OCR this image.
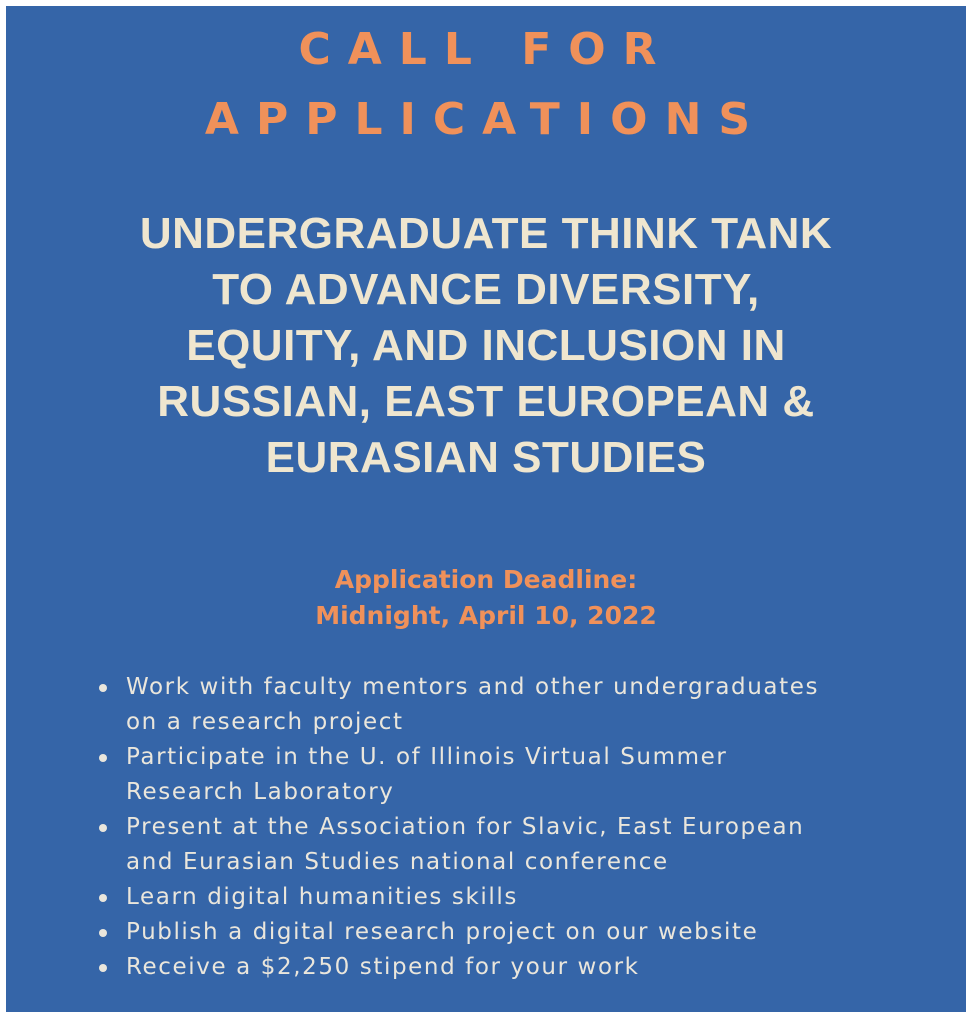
CALL FOR
APPLICATIONS
UNDERGRADUATE THINK TANK
TO ADVANCE DIVERSITY,
EQUITY, AND INCLUSION IN
RUSSIAN, EAST EUROPEAN &
EURASIAN STUDIES
Application Deadline:
Midnight, April 10, 2022
Work with faculty mentors and other undergraduates
on a research project
Participate in the U. of Illinois Virtual Summer
Research Laboratory
Present at the Association for Slavic, East European
and Eurasian Studies national conference
Learn digital humanities skills
Publish a digital research project on our website
Receive a $2,250 stipend for your work
